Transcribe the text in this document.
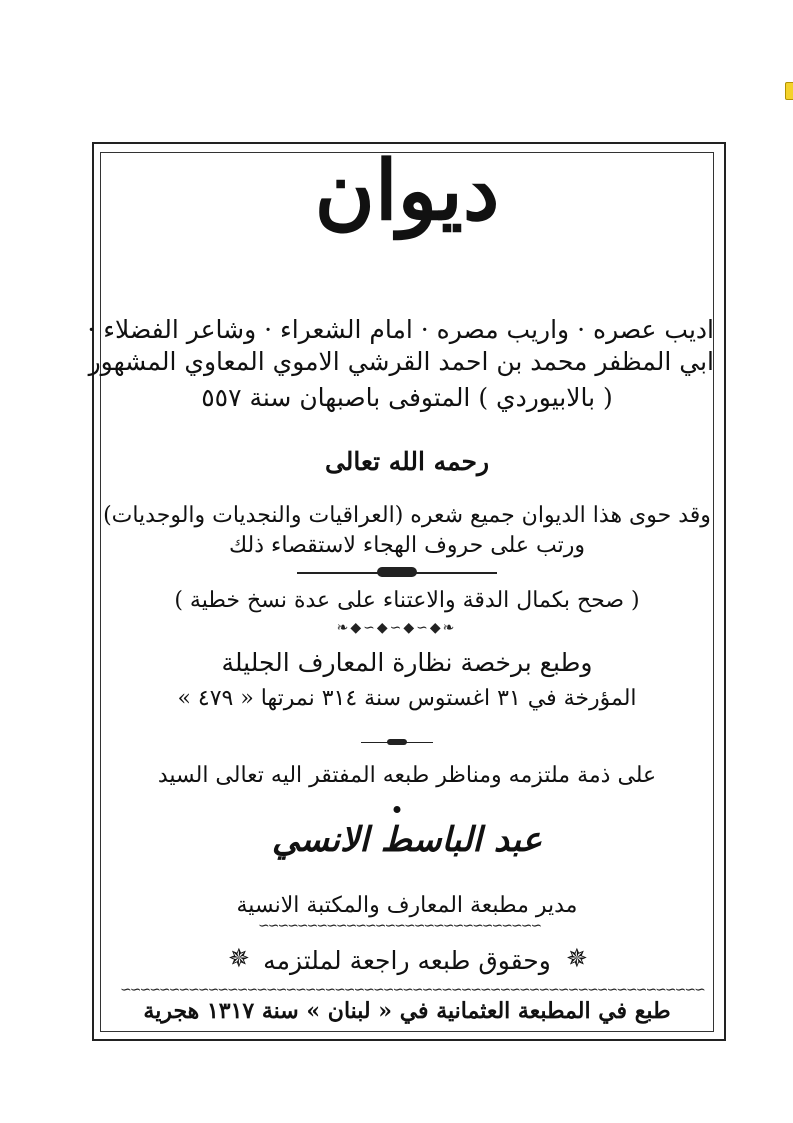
ديوان
اديب عصره · واريب مصره · امام الشعراء · وشاعر الفضلاء ·
ابي المظفر محمد بن احمد القرشي الاموي المعاوي المشهور
( بالابيوردي ) المتوفى باصبهان سنة ٥٥٧
رحمه الله تعالى
وقد حوى هذا الديوان جميع شعره (العراقيات والنجديات والوجديات)
ورتب على حروف الهجاء لاستقصاء ذلك
( صحح بكمال الدقة والاعتناء على عدة نسخ خطية )
❧◆∽◆∽◆∽◆❧
وطبع برخصة نظارة المعارف الجليلة
المؤرخة في ٣١ اغستوس سنة ٣١٤ نمرتها « ٤٧٩ »
على ذمة ملتزمه ومناظر طبعه المفتقر اليه تعالى السيد
عبد الباسط الانسي
مدير مطبعة المعارف والمكتبة الانسية
∽∽∽∽∽∽∽∽∽∽∽∽∽∽∽∽∽∽∽∽∽∽∽∽∽∽∽∽∽
وحقوق طبعه راجعة لملتزمه
✵	✵
∽∽∽∽∽∽∽∽∽∽∽∽∽∽∽∽∽∽∽∽∽∽∽∽∽∽∽∽∽∽∽∽∽∽∽∽∽∽∽∽∽∽∽∽∽∽∽∽∽∽∽∽∽∽∽∽∽∽∽∽
طبع في المطبعة العثمانية في « لبنان » سنة ١٣١٧ هجرية
